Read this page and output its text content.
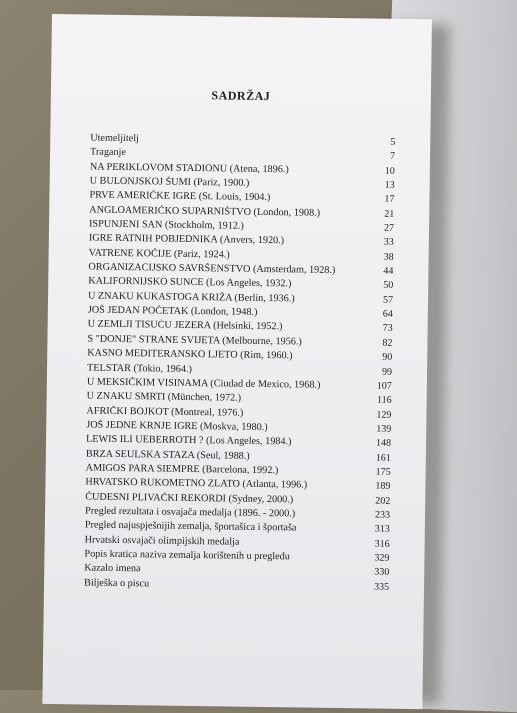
SADRŽAJ
Utemeljitelj	5
Traganje	7
NA PERIKLOVOM STADIONU (Atena, 1896.)	10
U BULONJSKOJ ŠUMI (Pariz, 1900.)	13
PRVE AMERIČKE IGRE (St. Louis, 1904.)	17
ANGLOAMERIČKO SUPARNIŠTVO (London, 1908.)	21
ISPUNJENI SAN (Stockholm, 1912.)	27
IGRE RATNIH POBJEDNIKA (Anvers, 1920.)	33
VATRENE KOČIJE (Pariz, 1924.)	38
ORGANIZACIJSKO SAVRŠENSTVO (Amsterdam, 1928.)	44
KALIFORNIJSKO SUNCE (Los Angeles, 1932.)	50
U ZNAKU KUKASTOGA KRIŽA (Berlin, 1936.)	57
JOŠ JEDAN POČETAK (London, 1948.)	64
U ZEMLJI TISUĆU JEZERA (Helsinki, 1952.)	73
S "DONJE" STRANE SVIJETA (Melbourne, 1956.)	82
KASNO MEDITERANSKO LJETO (Rim, 1960.)	90
TELSTAR (Tokio, 1964.)	99
U MEKSIČKIM VISINAMA (Ciudad de Mexico, 1968.)	107
U ZNAKU SMRTI (München, 1972.)	116
AFRIČKI BOJKOT (Montreal, 1976.)	129
JOŠ JEDNE KRNJE IGRE (Moskva, 1980.)	139
LEWIS ILI UEBERROTH ? (Los Angeles, 1984.)	148
BRZA SEULSKA STAZA (Seul, 1988.)	161
AMIGOS PARA SIEMPRE (Barcelona, 1992.)	175
HRVATSKO RUKOMETNO ZLATO (Atlanta, 1996.)	189
ČUDESNI PLIVAČKI REKORDI (Sydney, 2000.)	202
Pregled rezultata i osvajača medalja (1896. - 2000.)	233
Pregled najuspješnijih zemalja, športašica i športaša	313
Hrvatski osvajači olimpijskih medalja	316
Popis kratica naziva zemalja korištenih u pregledu	329
Kazalo imena	330
Bilješka o piscu	335
